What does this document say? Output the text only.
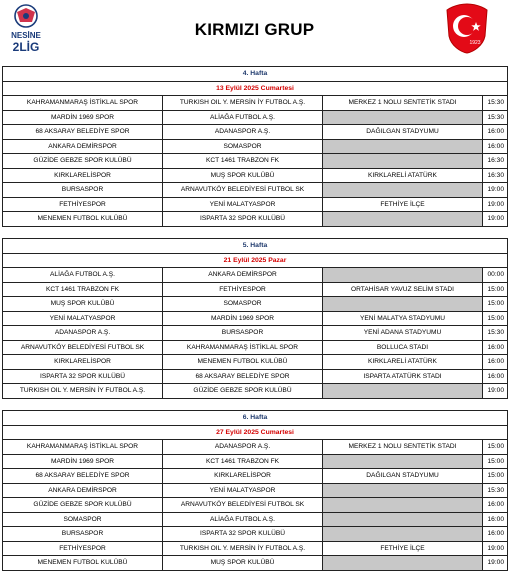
NESİNE
2LİG
KIRMIZI GRUP
1923
4. Hafta			
13 Eylül 2025 Cumartesi			
KAHRAMANMARAŞ İSTİKLAL SPOR	TURKISH OIL Y. MERSİN İY FUTBOL A.Ş.	MERKEZ 1 NOLU SENTETİK STADI	15:30
MARDİN 1969 SPOR	ALİAĞA FUTBOL A.Ş.		15:30
68 AKSARAY BELEDİYE SPOR	ADANASPOR A.Ş.	DAĞILGAN STADYUMU	16:00
ANKARA DEMİRSPOR	SOMASPOR		16:00
GÜZİDE GEBZE SPOR KULÜBÜ	KCT 1461 TRABZON FK		16:30
KIRKLARELİSPOR	MUŞ SPOR KULÜBÜ	KIRKLARELİ ATATÜRK	16:30
BURSASPOR	ARNAVUTKÖY BELEDİYESİ FUTBOL SK		19:00
FETHİYESPOR	YENİ MALATYASPOR	FETHİYE İLÇE	19:00
MENEMEN FUTBOL KULÜBÜ	ISPARTA 32 SPOR KULÜBÜ		19:00
5. Hafta			
21 Eylül 2025 Pazar			
ALİAĞA FUTBOL A.Ş.	ANKARA DEMİRSPOR		00:00
KCT 1461 TRABZON FK	FETHİYESPOR	ORTAHİSAR YAVUZ SELİM STADI	15:00
MUŞ SPOR KULÜBÜ	SOMASPOR		15:00
YENİ MALATYASPOR	MARDİN 1969 SPOR	YENİ MALATYA STADYUMU	15:00
ADANASPOR A.Ş.	BURSASPOR	YENİ ADANA STADYUMU	15:30
ARNAVUTKÖY BELEDİYESİ FUTBOL SK	KAHRAMANMARAŞ İSTİKLAL SPOR	BOLLUCA STADI	16:00
KIRKLARELİSPOR	MENEMEN FUTBOL KULÜBÜ	KIRKLARELİ ATATÜRK	16:00
ISPARTA 32 SPOR KULÜBÜ	68 AKSARAY BELEDİYE SPOR	ISPARTA ATATÜRK STADI	16:00
TURKISH OIL Y. MERSİN İY FUTBOL A.Ş.	GÜZİDE GEBZE SPOR KULÜBÜ		19:00
6. Hafta			
27 Eylül 2025 Cumartesi			
KAHRAMANMARAŞ İSTİKLAL SPOR	ADANASPOR A.Ş.	MERKEZ 1 NOLU SENTETİK STADI	15:00
MARDİN 1969 SPOR	KCT 1461 TRABZON FK		15:00
68 AKSARAY BELEDİYE SPOR	KIRKLARELİSPOR	DAĞILGAN STADYUMU	15:00
ANKARA DEMİRSPOR	YENİ MALATYASPOR		15:30
GÜZİDE GEBZE SPOR KULÜBÜ	ARNAVUTKÖY BELEDİYESİ FUTBOL SK		16:00
SOMASPOR	ALİAĞA FUTBOL A.Ş.		16:00
BURSASPOR	ISPARTA 32 SPOR KULÜBÜ		16:00
FETHİYESPOR	TURKISH OIL Y. MERSİN İY FUTBOL A.Ş.	FETHİYE İLÇE	19:00
MENEMEN FUTBOL KULÜBÜ	MUŞ SPOR KULÜBÜ		19:00
